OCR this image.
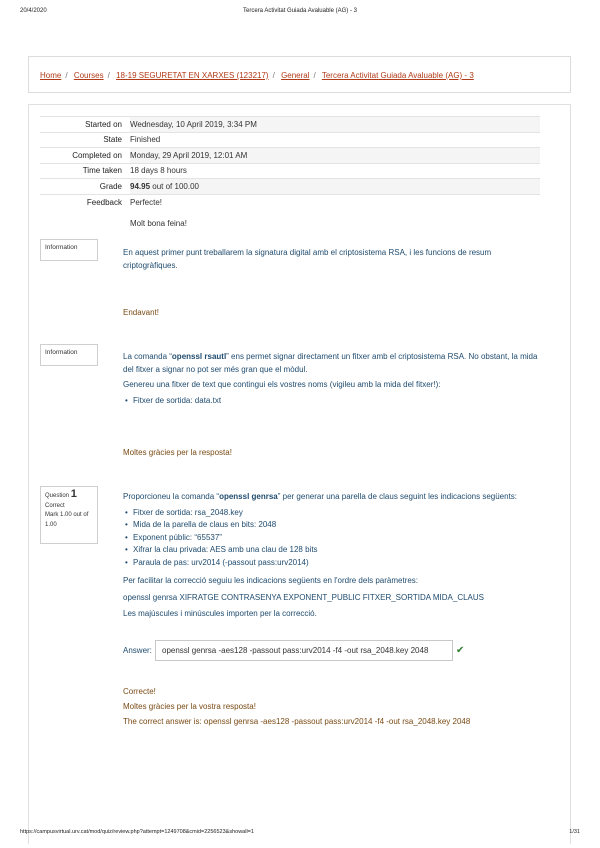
20/4/2020	Tercera Activitat Guiada Avaluable (AG) - 3
Home / Courses / 18-19 SEGURETAT EN XARXES (123217) / General / Tercera Activitat Guiada Avaluable (AG) - 3
Started on	Wednesday, 10 April 2019, 3:34 PM
State	Finished
Completed on	Monday, 29 April 2019, 12:01 AM
Time taken	18 days 8 hours
Grade	94.95 out of 100.00
Feedback	Perfecte!
Molt bona feina!
Information

En aquest primer punt treballarem la signatura digital amb el criptosistema RSA, i les funcions de resum criptogràfiques.

Endavant!
Information	La comanda “openssl rsautl” ens permet signar directament un fitxer amb el criptosistema RSA. No obstant, la mida del fitxer a signar no pot ser més gran que el mòdul.

Genereu una fitxer de text que contingui els vostres noms (vigileu amb la mida del fitxer!):

• Fitxer de sortida: data.txt
Moltes gràcies per la resposta!
Question 1
Correct
Mark 1.00 out of 1.00

Proporcioneu la comanda “openssl genrsa” per generar una parella de claus seguint les indicacions següents:

• Fitxer de sortida: rsa_2048.key
• Mida de la parella de claus en bits: 2048
• Exponent públic: “65537”
• Xifrar la clau privada: AES amb una clau de 128 bits
• Paraula de pas: urv2014 (-passout pass:urv2014)

Per facilitar la correcció seguiu les indicacions següents en l'ordre dels paràmetres:

openssl genrsa XIFRATGE CONTRASENYA EXPONENT_PUBLIC FITXER_SORTIDA MIDA_CLAUS

Les majúscules i minúscules importen per la correcció.

Answer:
openssl genrsa -aes128 -passout pass:urv2014 -f4 -out rsa_2048.key 2048	✔
Correcte!
Moltes gràcies per la vostra resposta!
The correct answer is: openssl genrsa -aes128 -passout pass:urv2014 -f4 -out rsa_2048.key 2048
https://campusvirtual.urv.cat/mod/quiz/review.php?attempt=1249708&cmid=2256523&showall=1	1/31
